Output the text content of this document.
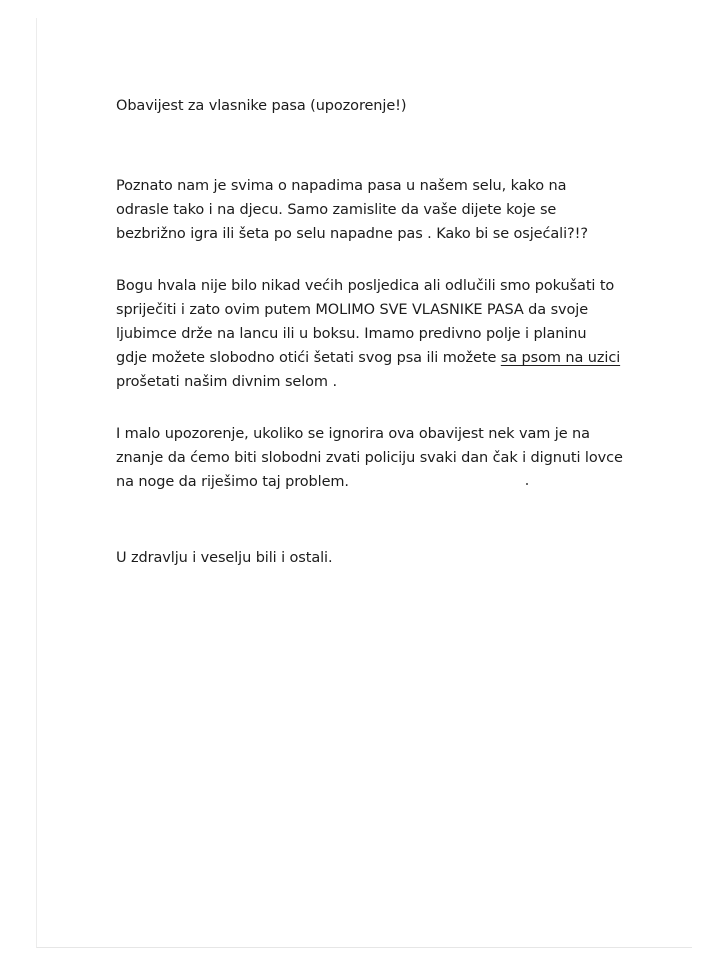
Obavijest za vlasnike pasa (upozorenje!)
Poznato nam je svima o napadima pasa u našem selu, kako na
odrasle tako i na djecu. Samo zamislite da vaše dijete koje se
bezbrižno igra ili šeta po selu napadne pas . Kako bi se osjećali?!?
Bogu hvala nije bilo nikad većih posljedica ali odlučili smo pokušati to
spriječiti i zato ovim putem MOLIMO SVE VLASNIKE PASA da svoje
ljubimce drže na lancu ili u boksu. Imamo predivno polje i planinu
gdje možete slobodno otići šetati svog psa ili možete sa psom na uzici
prošetati našim divnim selom .
I malo upozorenje, ukoliko se ignorira ova obavijest nek vam je na
znanje da ćemo biti slobodni zvati policiju svaki dan čak i dignuti lovce
na noge da riješimo taj problem.
U zdravlju i veselju bili i ostali.
